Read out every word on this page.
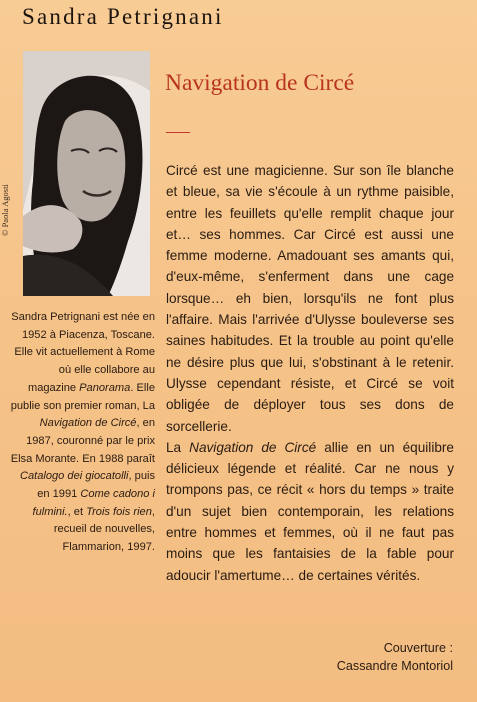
Sandra Petrignani
© Paola Agosti

Sandra Petrignani est née en 1952 à Piacenza, Toscane. Elle vit actuellement à Rome où elle collabore au magazine Panorama. Elle publie son premier roman, La Navigation de Circé, en 1987, couronné par le prix Elsa Morante. En 1988 paraît Catalogo dei giocatolli, puis en 1991 Come cadono i fulmini., et Trois fois rien, recueil de nouvelles, Flammarion, 1997.

Navigation de Circé

Circé est une magicienne. Sur son île blanche et bleue, sa vie s'écoule à un rythme paisible, entre les feuillets qu'elle remplit chaque jour et… ses hommes. Car Circé est aussi une femme moderne. Amadouant ses amants qui, d'eux-même, s'enferment dans une cage lorsque… eh bien, lorsqu'ils ne font plus l'affaire. Mais l'arrivée d'Ulysse bouleverse ses saines habitudes. Et la trouble au point qu'elle ne désire plus que lui, s'obstinant à le retenir. Ulysse cependant résiste, et Circé se voit obligée de déployer tous ses dons de sorcellerie.

La Navigation de Circé allie en un équilibre délicieux légende et réalité. Car ne nous y trompons pas, ce récit « hors du temps » traite d'un sujet bien contemporain, les relations entre hommes et femmes, où il ne faut pas moins que les fantaisies de la fable pour adoucir l'amertume… de certaines vérités.

Couverture :
Cassandre Montoriol
